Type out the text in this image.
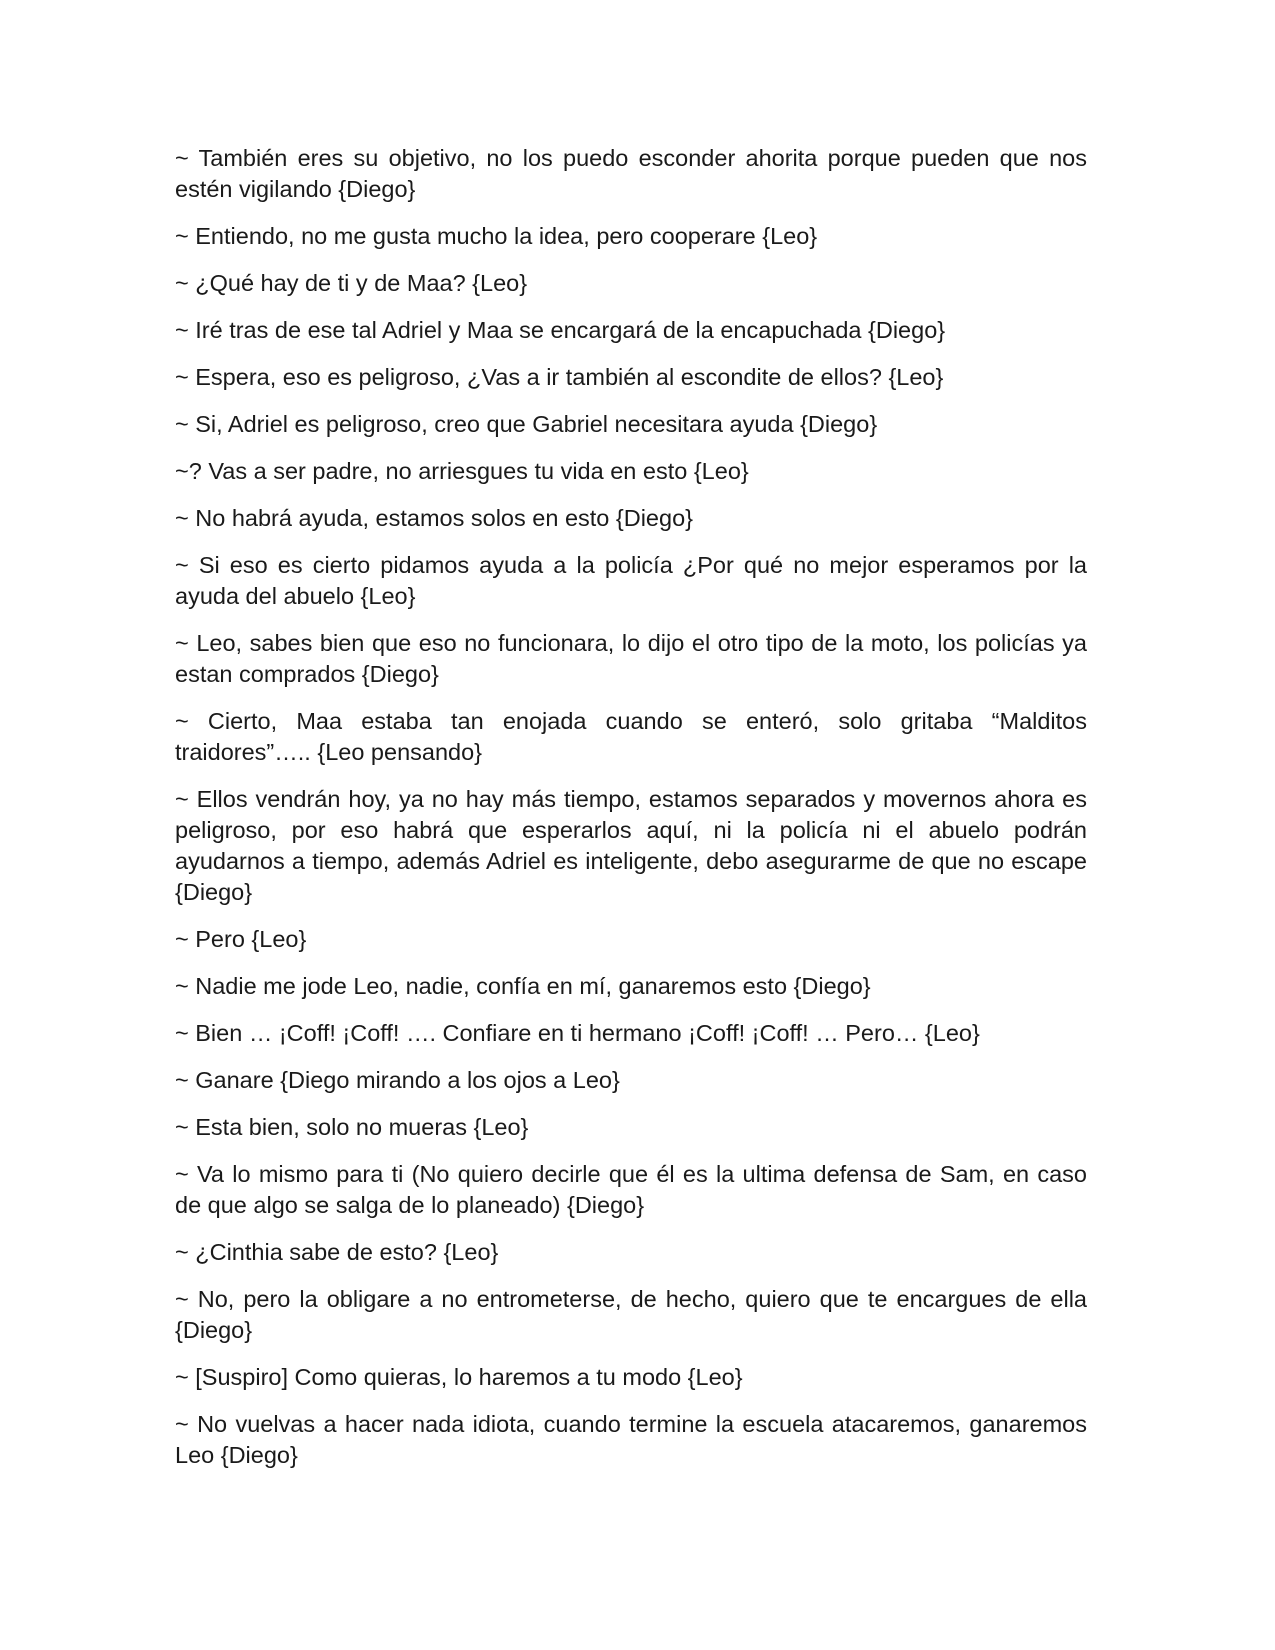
~ También eres su objetivo, no los puedo esconder ahorita porque pueden que nos estén vigilando {Diego}

~ Entiendo, no me gusta mucho la idea, pero cooperare {Leo}

~ ¿Qué hay de ti y de Maa? {Leo}

~ Iré tras de ese tal Adriel y Maa se encargará de la encapuchada {Diego}

~ Espera, eso es peligroso, ¿Vas a ir también al escondite de ellos? {Leo}

~ Si, Adriel es peligroso, creo que Gabriel necesitara ayuda {Diego}

~? Vas a ser padre, no arriesgues tu vida en esto {Leo}

~ No habrá ayuda, estamos solos en esto {Diego}

~ Si eso es cierto pidamos ayuda a la policía ¿Por qué no mejor esperamos por la ayuda del abuelo {Leo}

~ Leo, sabes bien que eso no funcionara, lo dijo el otro tipo de la moto, los policías ya estan comprados {Diego}

~ Cierto, Maa estaba tan enojada cuando se enteró, solo gritaba “Malditos traidores”….. {Leo pensando}

~ Ellos vendrán hoy, ya no hay más tiempo, estamos separados y movernos ahora es peligroso, por eso habrá que esperarlos aquí, ni la policía ni el abuelo podrán ayudarnos a tiempo, además Adriel es inteligente, debo asegurarme de que no escape {Diego}

~ Pero {Leo}

~ Nadie me jode Leo, nadie, confía en mí, ganaremos esto {Diego}

~ Bien … ¡Coff! ¡Coff! …. Confiare en ti hermano ¡Coff! ¡Coff! … Pero… {Leo}

~ Ganare {Diego mirando a los ojos a Leo}

~ Esta bien, solo no mueras {Leo}

~ Va lo mismo para ti (No quiero decirle que él es la ultima defensa de Sam, en caso de que algo se salga de lo planeado) {Diego}

~ ¿Cinthia sabe de esto? {Leo}

~ No, pero la obligare a no entrometerse, de hecho, quiero que te encargues de ella {Diego}

~ [Suspiro] Como quieras, lo haremos a tu modo {Leo}

~ No vuelvas a hacer nada idiota, cuando termine la escuela atacaremos, ganaremos Leo {Diego}
